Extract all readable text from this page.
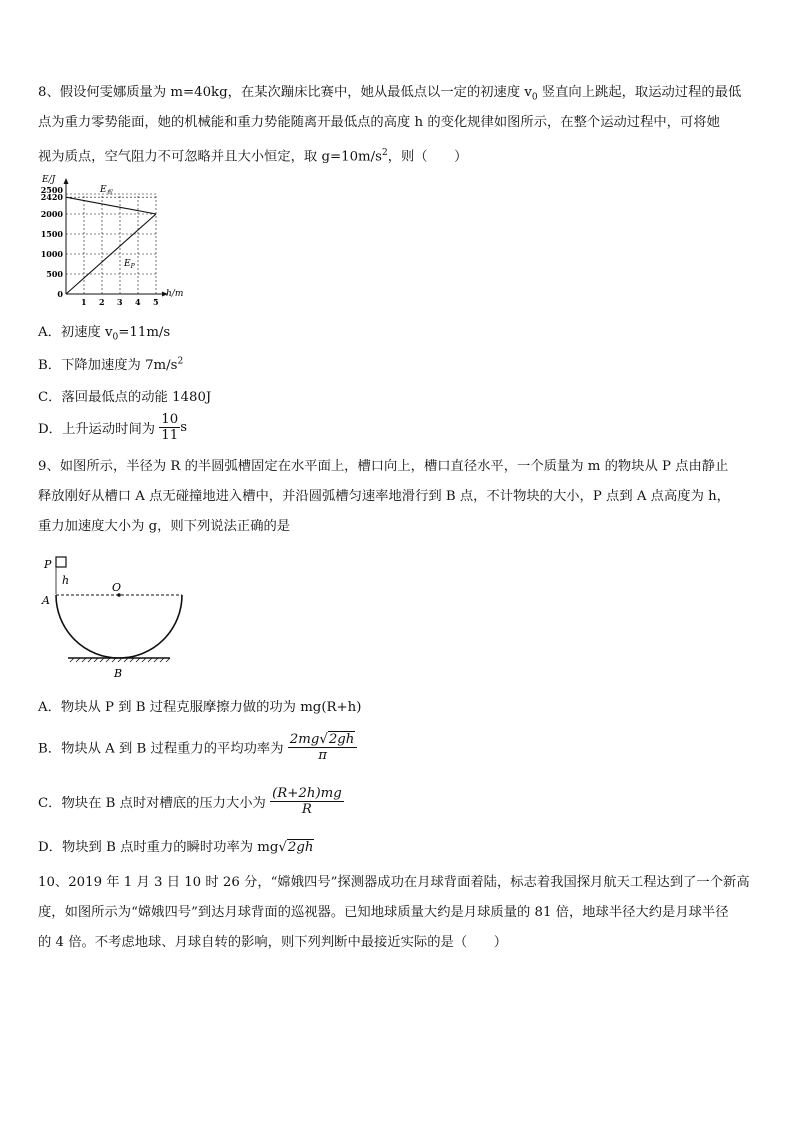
8、假设何雯娜质量为 m=40kg，在某次蹦床比赛中，她从最低点以一定的初速度 $v_0$ 竖直向上跳起，取运动过程的最低
点为重力零势能面，她的机械能和重力势能随离开最低点的高度 h 的变化规律如图所示，在整个运动过程中，可将她
视为质点，空气阻力不可忽略并且大小恒定，取 $g=10m/s^2$，则（　　）
1 2 3 4 5
2500
2420
2000
1500
1000
500
0
E/J
h/m
$E_机$
$E_P$
A．初速度 $v_0=11m/s$
B．下降加速度为 $7m/s^2$
C．落回最低点的动能 1480J
D．上升运动时间为 $\frac{10}{11}$ s
9、如图所示，半径为 R 的半圆弧槽固定在水平面上，槽口向上，槽口直径水平，一个质量为 m 的物块从 P 点由静止
释放刚好从槽口 A 点无碰撞地进入槽中，并沿圆弧槽匀速率地滑行到 B 点，不计物块的大小，P 点到 A 点高度为 h，
重力加速度大小为 g，则下列说法正确的是
P
h
A
O
B
A．物块从 P 到 B 过程克服摩擦力做的功为 mg(R+h)
B．物块从 A 到 B 过程重力的平均功率为 $\frac{2mg√2gh}{\pi}$
C．物块在 B 点时对槽底的压力大小为 $\frac{(R+2h)mg}{R}$
D．物块到 B 点时重力的瞬时功率为 mg√2gh
10、2019 年 1 月 3 日 10 时 26 分，“嫦娥四号”探测器成功在月球背面着陆，标志着我国探月航天工程达到了一个新高
度，如图所示为“嫦娥四号”到达月球背面的巡视器。已知地球质量大约是月球质量的 81 倍，地球半径大约是月球半径
的 4 倍。不考虑地球、月球自转的影响，则下列判断中最接近实际的是（　　）
